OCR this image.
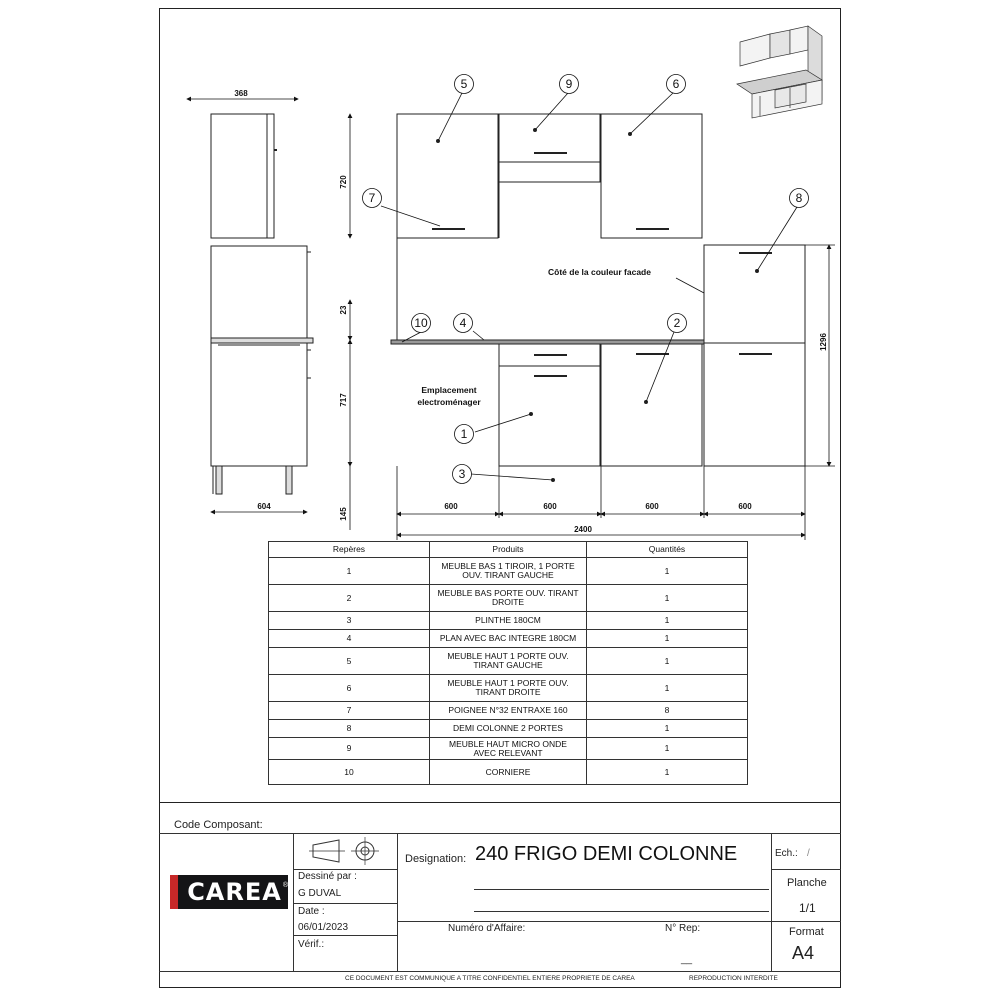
368
720
23
717
604
145
600	600	600	600
2400
1296
Côté de la couleur facade
Emplacement
electroménager
5	9	6
7	8
10	4	2
1
3
Repères	Produits	Quantités
1	MEUBLE BAS 1 TIROIR, 1 PORTE
OUV. TIRANT GAUCHE	1
2	MEUBLE BAS PORTE OUV. TIRANT
DROITE	1
3	PLINTHE 180CM	1
4	PLAN AVEC BAC INTEGRE 180CM	1
5	MEUBLE HAUT 1 PORTE OUV.
TIRANT GAUCHE	1
6	MEUBLE HAUT 1 PORTE OUV.
TIRANT DROITE	1
7	POIGNEE N°32 ENTRAXE 160	8
8	DEMI COLONNE 2 PORTES	1
9	MEUBLE HAUT MICRO ONDE
AVEC RELEVANT	1
10	CORNIERE	1
Code Composant:
CAREA ®
Dessiné par :
G DUVAL
Date :
06/01/2023
Vérif.:
Designation: 240 FRIGO DEMI COLONNE
Numéro d'Affaire:	N° Rep:
__
Ech.: /
Planche
1/1
Format
A4
CE DOCUMENT EST COMMUNIQUE A TITRE CONFIDENTIEL ENTIERE PROPRIETE DE CAREA	REPRODUCTION INTERDITE
